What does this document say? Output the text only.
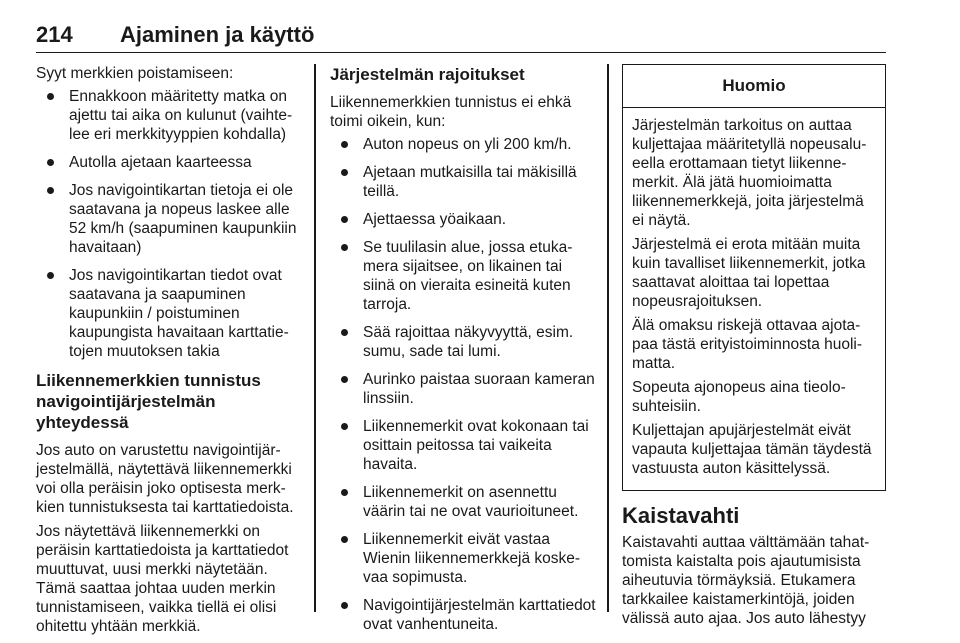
214 Ajaminen ja käyttö

Syyt merkkien poistamiseen:

Ennakkoon määritetty matka on ajettu tai aika on kulunut (vaihtelee eri merkkityyppien kohdalla)
Autolla ajetaan kaarteessa
Jos navigointikartan tietoja ei ole saatavana ja nopeus laskee alle 52 km/h (saapuminen kaupunkiin havaitaan)
Jos navigointikartan tiedot ovat saatavana ja saapuminen kaupunkiin / poistuminen kaupungista havaitaan karttatietojen muutoksen takia
Liikennemerkkien tunnistus navigointijärjestelmän yhteydessä

Jos auto on varustettu navigointijärjestelmällä, näytettävä liikennemerkki voi olla peräisin joko optisesta merkkien tunnistuksesta tai karttatiedoista.

Jos näytettävä liikennemerkki on peräisin karttatiedoista ja karttatiedot muuttuvat, uusi merkki näytetään. Tämä saattaa johtaa uuden merkin tunnistamiseen, vaikka tiellä ei olisi ohitettu yhtään merkkiä.

Järjestelmän rajoitukset

Liikennemerkkien tunnistus ei ehkä toimi oikein, kun:

Auton nopeus on yli 200 km/h.
Ajetaan mutkaisilla tai mäkisillä teillä.
Ajettaessa yöaikaan.
Se tuulilasin alue, jossa etukamera sijaitsee, on likainen tai siinä on vieraita esineitä kuten tarroja.
Sää rajoittaa näkyvyyttä, esim. sumu, sade tai lumi.
Aurinko paistaa suoraan kameran linssiin.
Liikennemerkit ovat kokonaan tai osittain peitossa tai vaikeita havaita.
Liikennemerkit on asennettu väärin tai ne ovat vaurioituneet.
Liikennemerkit eivät vastaa Wienin liikennemerkkejä koskevaa sopimusta.
Navigointijärjestelmän karttatiedot ovat vanhentuneita.
Huomio

Järjestelmän tarkoitus on auttaa kuljettajaa määritetyllä nopeusalueella erottamaan tietyt liikennemerkit. Älä jätä huomioimatta liikennemerkkejä, joita järjestelmä ei näytä.

Järjestelmä ei erota mitään muita kuin tavalliset liikennemerkit, jotka saattavat aloittaa tai lopettaa nopeusrajoituksen.

Älä omaksu riskejä ottavaa ajotapaa tästä erityistoiminnosta huolimatta.

Sopeuta ajonopeus aina tieolosuhteisiin.

Kuljettajan apujärjestelmät eivät vapauta kuljettajaa tämän täydestä vastuusta auton käsittelyssä.

Kaistavahti

Kaistavahti auttaa välttämään tahattomista kaistalta pois ajautumisista aiheutuvia törmäyksiä. Etukamera tarkkailee kaistamerkintöjä, joiden välissä auto ajaa. Jos auto lähestyy
